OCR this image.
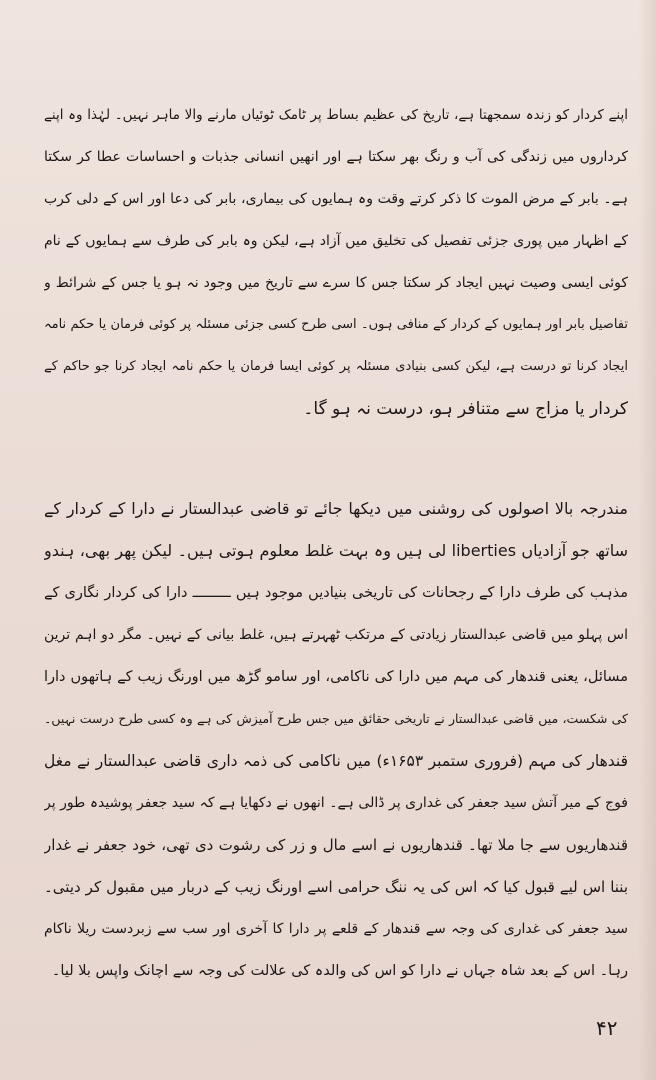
اپنے کردار کو زندہ سمجھتا ہے، تاریخ کی عظیم بساط پر ٹامک ٹوئیاں مارنے والا ماہر نہیں۔ لہٰذا وہ اپنے
کرداروں میں زندگی کی آب و رنگ بھر سکتا ہے اور انھیں انسانی جذبات و احساسات عطا کر سکتا
ہے۔ بابر کے مرض الموت کا ذکر کرتے وقت وہ ہمایوں کی بیماری، بابر کی دعا اور اس کے دلی کرب
کے اظہار میں پوری جزئی تفصیل کی تخلیق میں آزاد ہے، لیکن وہ بابر کی طرف سے ہمایوں کے نام
کوئی ایسی وصیت نہیں ایجاد کر سکتا جس کا سرے سے تاریخ میں وجود نہ ہو یا جس کے شرائط و
تفاصیل بابر اور ہمایوں کے کردار کے منافی ہوں۔ اسی طرح کسی جزئی مسئلہ پر کوئی فرمان یا حکم نامہ
ایجاد کرنا تو درست ہے، لیکن کسی بنیادی مسئلہ پر کوئی ایسا فرمان یا حکم نامہ ایجاد کرنا جو حاکم کے
کردار یا مزاج سے متنافر ہو، درست نہ ہو گا۔
مندرجہ بالا اصولوں کی روشنی میں دیکھا جائے تو قاضی عبدالستار نے دارا کے کردار کے
ساتھ جو آزادیاں liberties لی ہیں وہ بہت غلط معلوم ہوتی ہیں۔ لیکن پھر بھی، ہندو
مذہب کی طرف دارا کے رجحانات کی تاریخی بنیادیں موجود ہیں ـــــــــ دارا کی کردار نگاری کے
اس پہلو میں قاضی عبدالستار زیادتی کے مرتکب ٹھہرتے ہیں، غلط بیانی کے نہیں۔ مگر دو اہم ترین
مسائل، یعنی قندھار کی مہم میں دارا کی ناکامی، اور سامو گڑھ میں اورنگ زیب کے ہاتھوں دارا
کی شکست، میں قاضی عبدالستار نے تاریخی حقائق میں جس طرح آمیزش کی ہے وہ کسی طرح درست نہیں۔
قندھار کی مہم (فروری ستمبر ۱۶۵۳ء) میں ناکامی کی ذمہ داری قاضی عبدالستار نے مغل
فوج کے میر آتش سید جعفر کی غداری پر ڈالی ہے۔ انھوں نے دکھایا ہے کہ سید جعفر پوشیدہ طور پر
قندھاریوں سے جا ملا تھا۔ قندھاریوں نے اسے مال و زر کی رشوت دی تھی، خود جعفر نے غدار
بننا اس لیے قبول کیا کہ اس کی یہ ننگ حرامی اسے اورنگ زیب کے دربار میں مقبول کر دیتی۔
سید جعفر کی غداری کی وجہ سے قندھار کے قلعے پر دارا کا آخری اور سب سے زبردست ریلا ناکام
رہا۔ اس کے بعد شاہ جہاں نے دارا کو اس کی والدہ کی علالت کی وجہ سے اچانک واپس بلا لیا۔
۴۲
